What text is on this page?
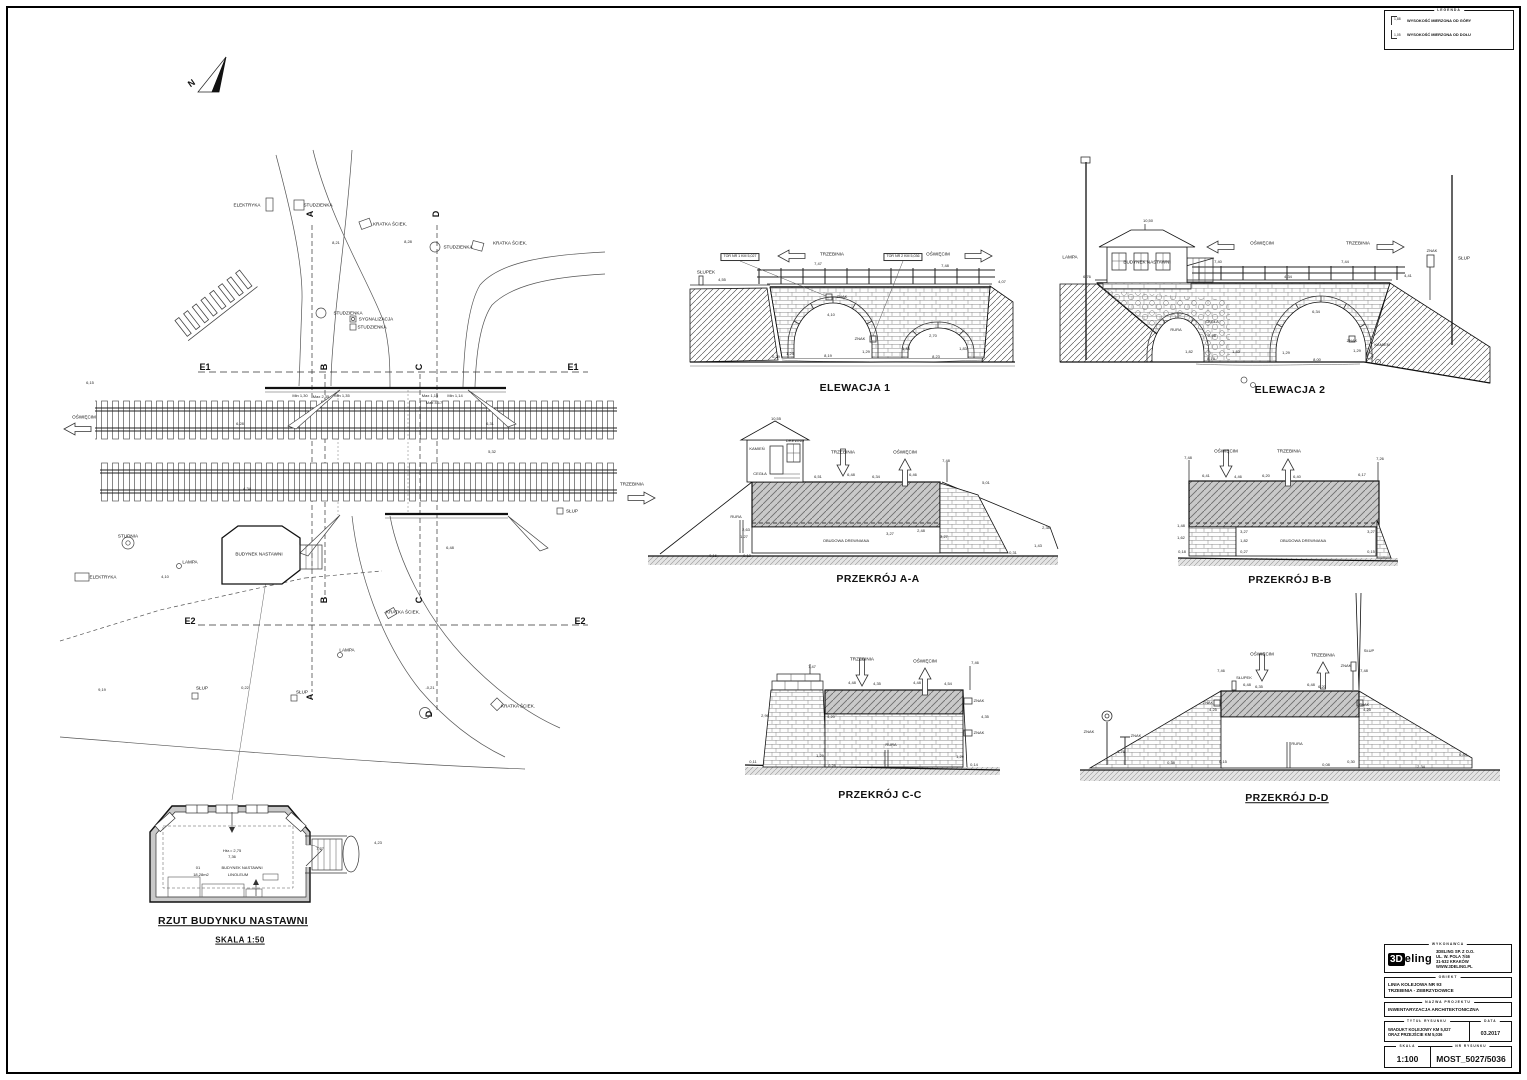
N
ELEKTRYKA	STUDZIENKA
KRATKA ŚCIEK.
STUDZIENKA
KRATKA ŚCIEK.
STUDZIENKA
SYGNALIZACJA
STUDZIENKA
A	D
B	C
B	C
A
D
E1	E1
E2	E2
OŚWIĘCIM
TRZEBINIA
SŁUP
STUDNIA
LAMPA
ELEKTRYKA
BUDYNEK NASTAWNI
KRATKA ŚCIEK.
LAMPA
SŁUP
SŁUP
KRATKA ŚCIEK.
6,15
6,28
4,34
6,31
5,32
8,21	8,28
Min 1,30 Max 2,35 Min 1,35	Max 1,15 Min 1,14
Max 4,17
6,48
4,10
-0,21
0,22
9,19
Hśr.= 2,75
7,36
01	BUDYNEK NASTAWNI
18,28m2	LINOLEUM
7,27
4,23
TRZEBINIA	OŚWIĘCIM
TOR NR 1 KM 5,027	TOR NR 2 KM 5,036
SŁUPEK
4,55
7,47	7,48
ZNAK
4,10
ZNAK
8,19
1,29	1,29
2,70
1,83	1,83
8,23
4,07
0,29
OŚWIĘCIM	TRZEBINIA
LAMPA
BUDYNEK NASTAWNI
10,50
7,40	7,44
4,34	4,41
ZNAK
SŁUP
6,76
RURA
CEGŁA
2,98
1,82	1,83
8,19
6,34
1,29	1,29
8,00
ZNAK
KAMIEŃ
TRZEBINIA	OŚWIĘCIM
10,55
KAMIEŃ
DREWNO
CEGŁA
RURA
OBUDOWA DREWNIANA
6,51	6,48	6,34	6,46
7,48
5,01
2,38
1,43
0,31
0,16	0,12
2,63
1,27
3,27
2,48
3,27
OŚWIĘCIM	TRZEBINIA
7,48	7,26
6,41	4,46	6,20	6,40	6,17
OBUDOWA DREWNIANA
1,48
1,62
0,18
3,27
1,82
0,27
3,27
0,15
TRZEBINIA	OŚWIĘCIM
7,47
7,46
4,48	4,35	4,48	4,54
2,96	4,20	4,35
ZNAK
ZNAK
RURA
1,29	1,29
0,11
0,28	0,14
OŚWIĘCIM	TRZEBINIA
SŁUP
ZNAK
7,48
SŁUPEK
7,46
6,48 6,35	6,48 6,20
ZNAK
ZNAK
ZNAK	ZNAK
RURA
4,25	4,25
1,76
0,38	0,15	0,30
0,08	2,34
0,84
ELEWACJA 1	ELEWACJA 2
PRZEKRÓJ A-A	PRZEKRÓJ B-B
PRZEKRÓJ C-C	PRZEKRÓJ D-D
RZUT BUDYNKU NASTAWNI
SKALA 1:50
LEGENDA
1,88 WYSOKOŚĆ MIERZONA OD GÓRY
1,05 WYSOKOŚĆ MIERZONA OD DOŁU
WYKONAWCA
3D eling
3DELING SP. Z O.O.
UL. W. POLA 7/46
31-532 KRAKÓW
WWW.3DELING.PL
OBIEKT
LINIA KOLEJOWA NR 93
TRZEBINIA - ZEBRZYDOWICE
NAZWA PROJEKTU
INWENTARYZACJA ARCHITEKTONICZNA
TYTUŁ RYSUNKU
WIADUKT KOLEJOWY KM 5,027
ORAZ PRZEJŚCIE KM 5,036
DATA
03.2017
SKALA
1:100
NR RYSUNKU
MOST_5027/5036
